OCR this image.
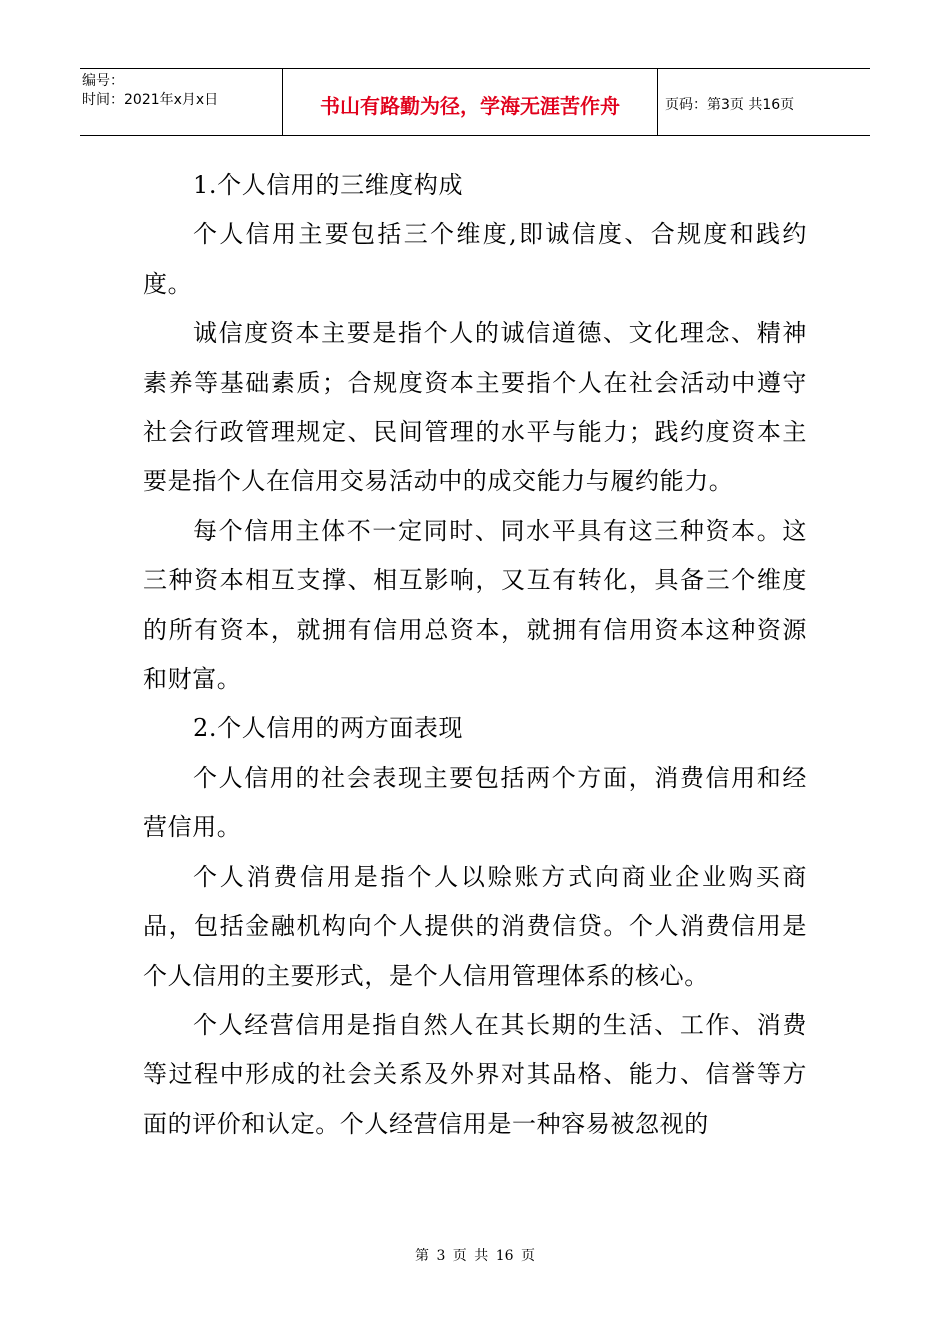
编号：
时间：2021年x月x日	书山有路勤为径，学海无涯苦作舟	页码：第3页 共16页

1.个人信用的三维度构成

个人信用主要包括三个维度,即诚信度、合规度和践约度。

诚信度资本主要是指个人的诚信道德、文化理念、精神素养等基础素质；合规度资本主要指个人在社会活动中遵守社会行政管理规定、民间管理的水平与能力；践约度资本主要是指个人在信用交易活动中的成交能力与履约能力。

每个信用主体不一定同时、同水平具有这三种资本。这三种资本相互支撑、相互影响，又互有转化，具备三个维度的所有资本，就拥有信用总资本，就拥有信用资本这种资源和财富。

2.个人信用的两方面表现

个人信用的社会表现主要包括两个方面，消费信用和经营信用。

个人消费信用是指个人以赊账方式向商业企业购买商品，包括金融机构向个人提供的消费信贷。个人消费信用是个人信用的主要形式，是个人信用管理体系的核心。

个人经营信用是指自然人在其长期的生活、工作、消费等过程中形成的社会关系及外界对其品格、能力、信誉等方面的评价和认定。个人经营信用是一种容易被忽视的

第 3 页 共 16 页
